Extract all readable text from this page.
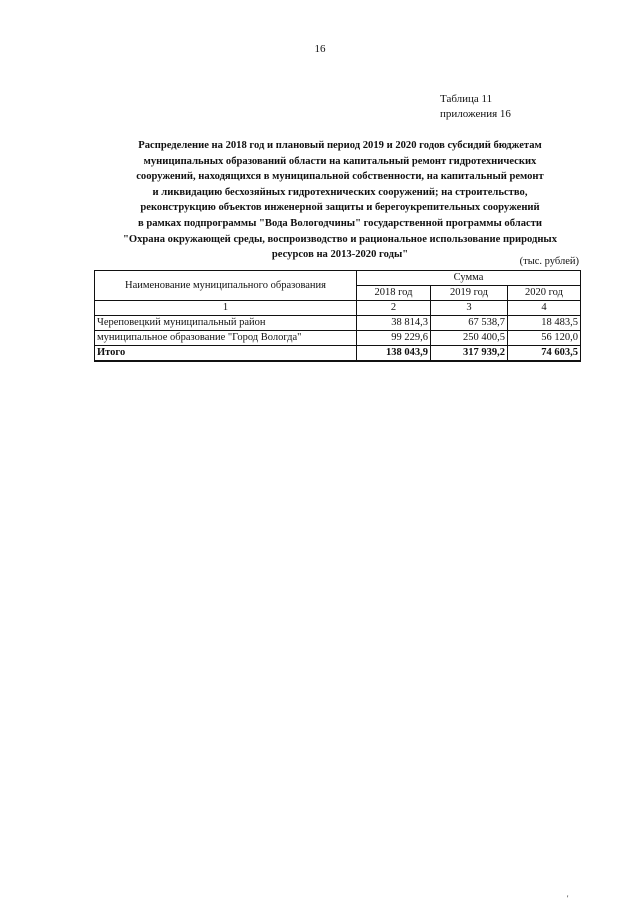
16
Таблица 11
приложения 16
Распределение на 2018 год и плановый период 2019 и 2020 годов субсидий бюджетам
муниципальных образований области на капитальный ремонт гидротехнических
сооружений, находящихся в муниципальной собственности, на капитальный ремонт
и ликвидацию бесхозяйных гидротехнических сооружений; на строительство,
реконструкцию объектов инженерной защиты и берегоукрепительных сооружений
в рамках подпрограммы "Вода Вологодчины" государственной программы области
"Охрана окружающей среды, воспроизводство и рациональное использование природных
ресурсов на 2013-2020 годы"
(тыс. рублей)
Наименование муниципального образования	Сумма		
	2018 год	2019 год	2020 год
1	2	3	4
Череповецкий муниципальный район	38 814,3	67 538,7	18 483,5
муниципальное образование "Город Вологда"	99 229,6	250 400,5	56 120,0
Итого	138 043,9	317 939,2	74 603,5
'
